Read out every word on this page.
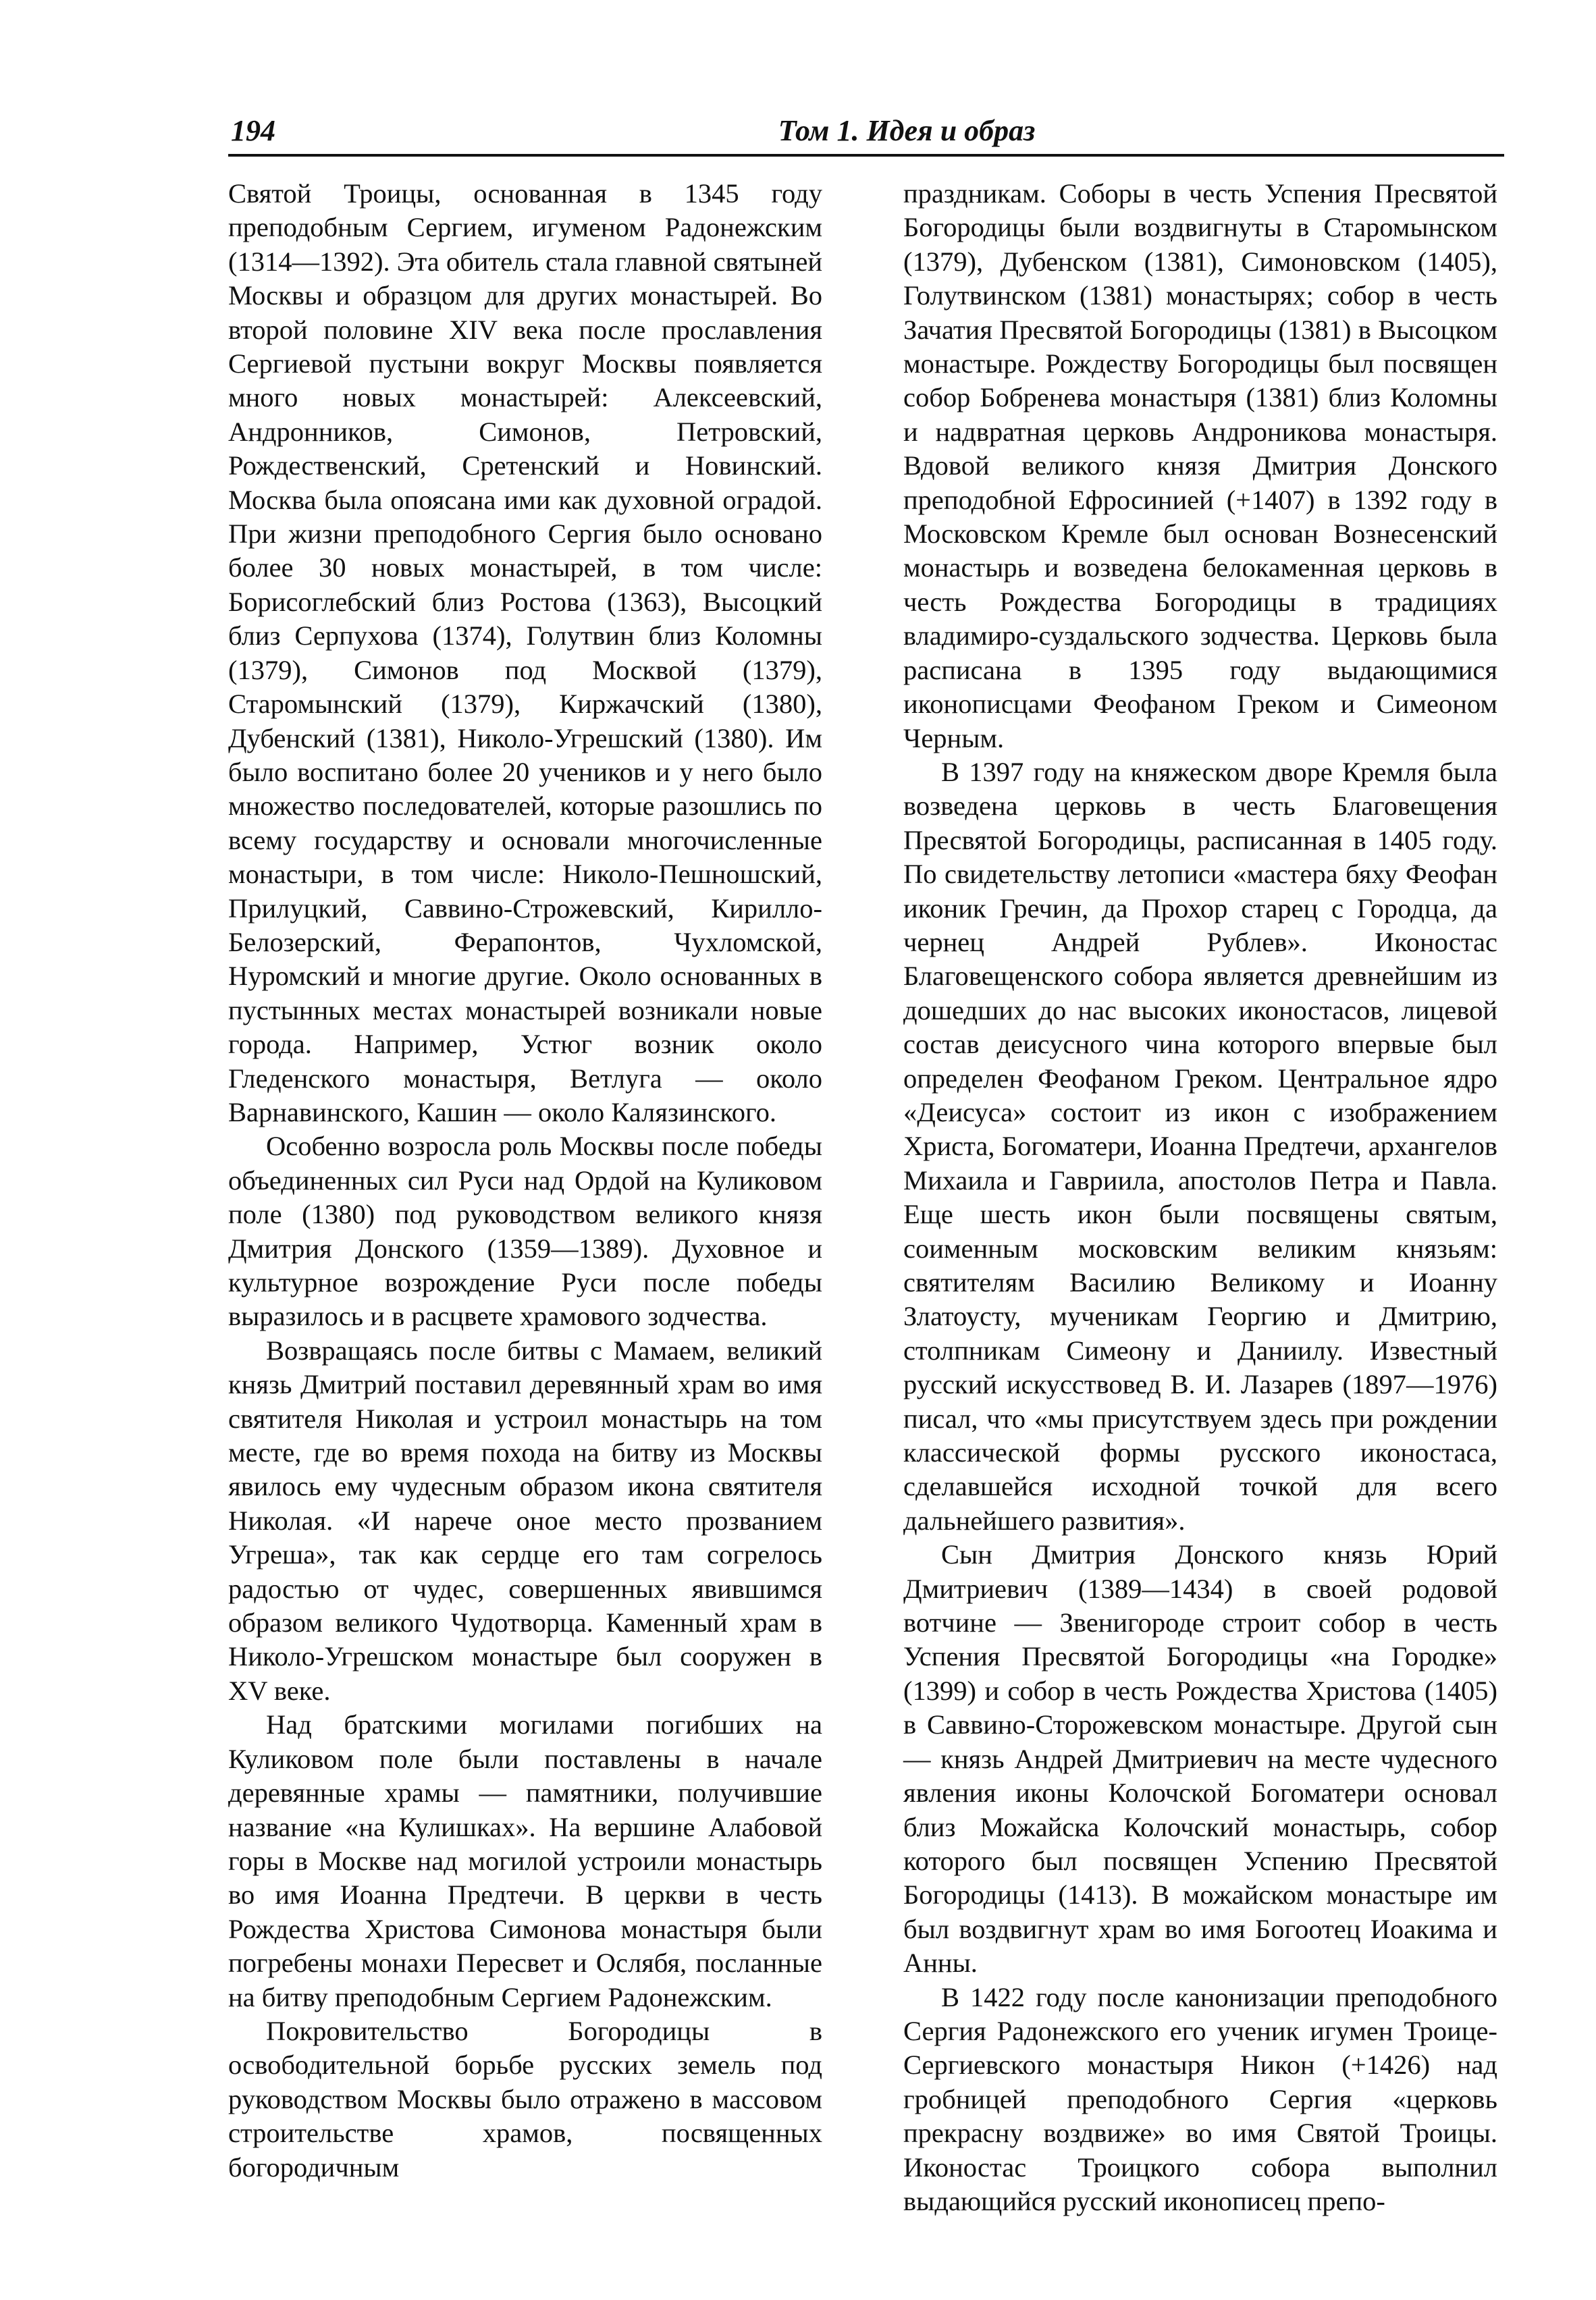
194	Том 1. Идея и образ

Святой Троицы, основанная в 1345 году преподобным Сергием, игуменом Радонежским (1314—1392). Эта обитель стала главной святыней Москвы и образцом для других монастырей. Во второй половине XIV века после прославления Сергиевой пустыни вокруг Москвы появляется много новых монастырей: Алексеевский, Андронников, Симонов, Петровский, Рождественский, Сретенский и Новинский. Москва была опоясана ими как духовной оградой. При жизни преподобного Сергия было основано более 30 новых монастырей, в том числе: Борисоглебский близ Ростова (1363), Высоцкий близ Серпухова (1374), Голутвин близ Коломны (1379), Симонов под Москвой (1379), Старомынский (1379), Киржачский (1380), Дубенский (1381), Николо-Угрешский (1380). Им было воспитано более 20 учеников и у него было множество последователей, которые разошлись по всему государству и основали многочисленные монастыри, в том числе: Николо-Пешношский, Прилуцкий, Саввино-Строжевский, Кирилло-Белозерский, Ферапонтов, Чухломской, Нуромский и многие другие. Около основанных в пустынных местах монастырей возникали новые города. Например, Устюг возник около Гледенского монастыря, Ветлуга — около Варнавинского, Кашин — около Калязинского.

Особенно возросла роль Москвы после победы объединенных сил Руси над Ордой на Куликовом поле (1380) под руководством великого князя Дмитрия Донского (1359—1389). Духовное и культурное возрождение Руси после победы выразилось и в расцвете храмового зодчества.

Возвращаясь после битвы с Мамаем, великий князь Дмитрий поставил деревянный храм во имя святителя Николая и устроил монастырь на том месте, где во время похода на битву из Москвы явилось ему чудесным образом икона святителя Николая. «И нарече оное место прозванием Угреша», так как сердце его там согрелось радостью от чудес, совершенных явившимся образом великого Чудотворца. Каменный храм в Николо-Угрешском монастыре был сооружен в XV веке.

Над братскими могилами погибших на Куликовом поле были поставлены в начале деревянные храмы — памятники, получившие название «на Кулишках». На вершине Алабовой горы в Москве над могилой устроили монастырь во имя Иоанна Предтечи. В церкви в честь Рождества Христова Симонова монастыря были погребены монахи Пересвет и Ослябя, посланные на битву преподобным Сергием Радонежским.

Покровительство Богородицы в освободительной борьбе русских земель под руководством Москвы было отражено в массовом строительстве храмов, посвященных богородичным

праздникам. Соборы в честь Успения Пресвятой Богородицы были воздвигнуты в Старомынском (1379), Дубенском (1381), Симоновском (1405), Голутвинском (1381) монастырях; собор в честь Зачатия Пресвятой Богородицы (1381) в Высоцком монастыре. Рождеству Богородицы был посвящен собор Бобренева монастыря (1381) близ Коломны и надвратная церковь Андроникова монастыря. Вдовой великого князя Дмитрия Донского преподобной Ефросинией (+1407) в 1392 году в Московском Кремле был основан Вознесенский монастырь и возведена белокаменная церковь в честь Рождества Богородицы в традициях владимиро-суздальского зодчества. Церковь была расписана в 1395 году выдающимися иконописцами Феофаном Греком и Симеоном Черным.

В 1397 году на княжеском дворе Кремля была возведена церковь в честь Благовещения Пресвятой Богородицы, расписанная в 1405 году. По свидетельству летописи «мастера бяху Феофан иконик Гречин, да Прохор старец с Городца, да чернец Андрей Рублев». Иконостас Благовещенского собора является древнейшим из дошедших до нас высоких иконостасов, лицевой состав деисусного чина которого впервые был определен Феофаном Греком. Центральное ядро «Деисуса» состоит из икон с изображением Христа, Богоматери, Иоанна Предтечи, архангелов Михаила и Гавриила, апостолов Петра и Павла. Еще шесть икон были посвящены святым, соименным московским великим князьям: святителям Василию Великому и Иоанну Златоусту, мученикам Георгию и Дмитрию, столпникам Симеону и Даниилу. Известный русский искусствовед В. И. Лазарев (1897—1976) писал, что «мы присутствуем здесь при рождении классической формы русского иконостаса, сделавшейся исходной точкой для всего дальнейшего развития».

Сын Дмитрия Донского князь Юрий Дмитриевич (1389—1434) в своей родовой вотчине — Звенигороде строит собор в честь Успения Пресвятой Богородицы «на Городке» (1399) и собор в честь Рождества Христова (1405) в Саввино-Сторожевском монастыре. Другой сын — князь Андрей Дмитриевич на месте чудесного явления иконы Колочской Богоматери основал близ Можайска Колочский монастырь, собор которого был посвящен Успению Пресвятой Богородицы (1413). В можайском монастыре им был воздвигнут храм во имя Богоотец Иоакима и Анны.

В 1422 году после канонизации преподобного Сергия Радонежского его ученик игумен Троице-Сергиевского монастыря Никон (+1426) над гробницей преподобного Сергия «церковь прекрасну воздвиже» во имя Святой Троицы. Иконостас Троицкого собора выполнил выдающийся русский иконописец препо-
